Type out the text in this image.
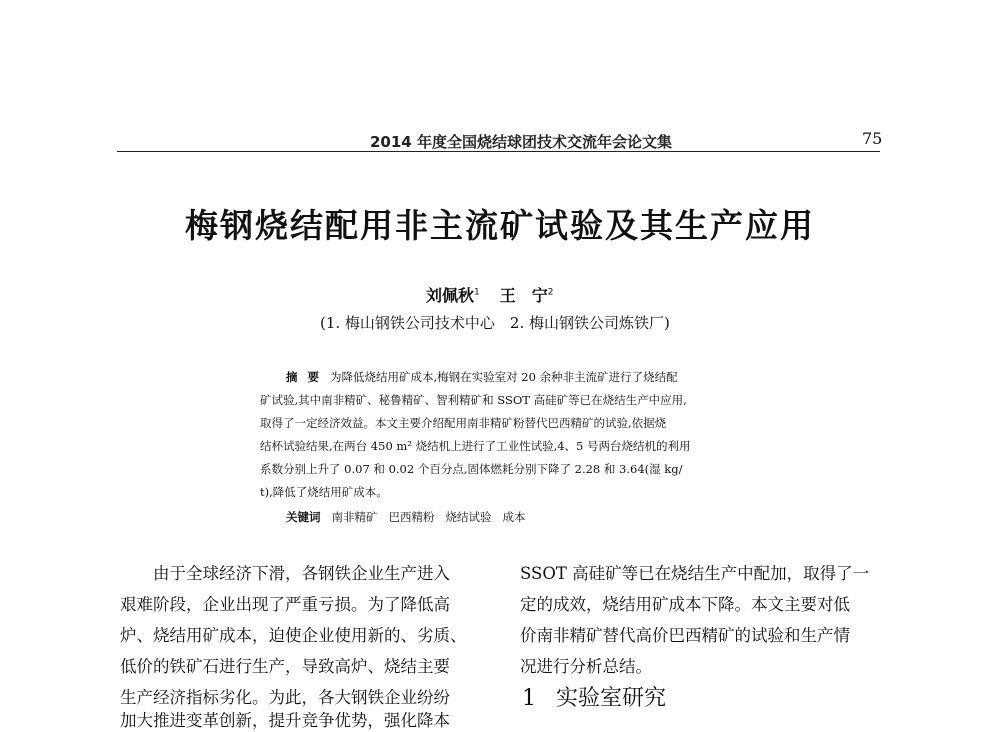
2014 年度全国烧结球团技术交流年会论文集	75
梅钢烧结配用非主流矿试验及其生产应用
刘佩秋$^1$ 王　宁$^2$
(1. 梅山钢铁公司技术中心　2. 梅山钢铁公司炼铁厂)
摘 要 为降低烧结用矿成本,梅钢在实验室对 20 余种非主流矿进行了烧结配
矿试验,其中南非精矿、秘鲁精矿、智利精矿和 SSOT 高硅矿等已在烧结生产中应用,
取得了一定经济效益。本文主要介绍配用南非精矿粉替代巴西精矿的试验,依据烧
结杯试验结果,在两台 450 m² 烧结机上进行了工业性试验,4、5 号两台烧结机的利用
系数分别上升了 0.07 和 0.02 个百分点,固体燃耗分别下降了 2.28 和 3.64(湿 kg/
t),降低了烧结用矿成本。
关键词 南非精矿 巴西精粉 烧结试验 成本
　　由于全球经济下滑，各钢铁企业生产进入
艰难阶段，企业出现了严重亏损。为了降低高
炉、烧结用矿成本，迫使企业使用新的、劣质、
低价的铁矿石进行生产，导致高炉、烧结主要
生产经济指标劣化。为此，各大钢铁企业纷纷
加大推进变革创新，提升竞争优势，强化降本
SSOT 高硅矿等已在烧结生产中配加，取得了一
定的成效，烧结用矿成本下降。本文主要对低
价南非精矿替代高价巴西精矿的试验和生产情
况进行分析总结。
1 实验室研究
